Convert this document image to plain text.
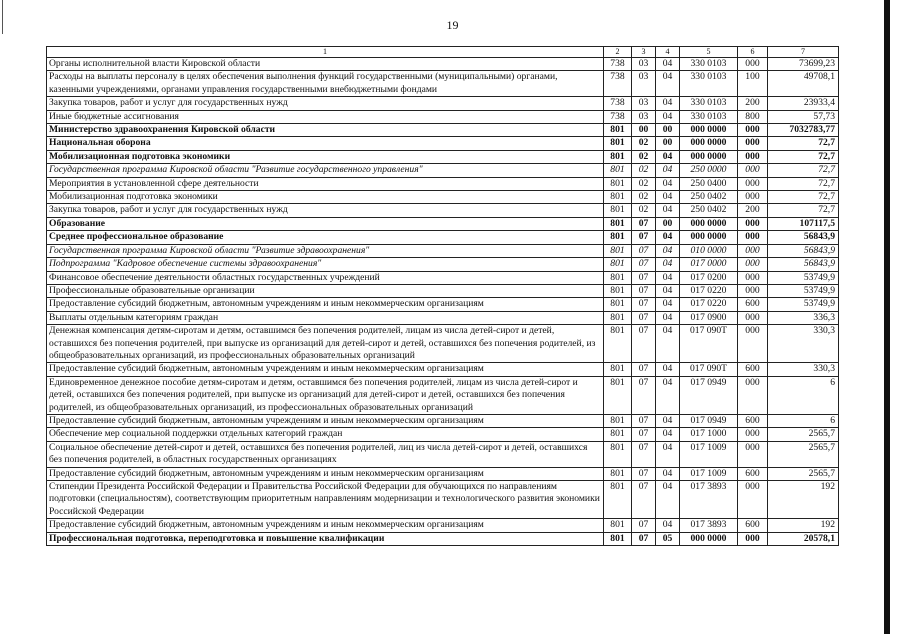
19
1	2	3	4	5	6	7
Органы исполнительной власти Кировской области	738	03	04	330 0103	000	73699,23
Расходы на выплаты персоналу в целях обеспечения выполнения функций государственными (муниципальными) органами, казенными учреждениями, органами управления государственными внебюджетными фондами	738	03	04	330 0103	100	49708,1
Закупка товаров, работ и услуг для государственных нужд	738	03	04	330 0103	200	23933,4
Иные бюджетные ассигнования	738	03	04	330 0103	800	57,73
Министерство здравоохранения Кировской области	801	00	00	000 0000	000	7032783,77
Национальная оборона	801	02	00	000 0000	000	72,7
Мобилизационная подготовка экономики	801	02	04	000 0000	000	72,7
Государственная программа Кировской области "Развитие государственного управления"	801	02	04	250 0000	000	72,7
Мероприятия в установленной сфере деятельности	801	02	04	250 0400	000	72,7
Мобилизационная подготовка экономики	801	02	04	250 0402	000	72,7
Закупка товаров, работ и услуг для государственных нужд	801	02	04	250 0402	200	72,7
Образование	801	07	00	000 0000	000	107117,5
Среднее профессиональное образование	801	07	04	000 0000	000	56843,9
Государственная программа Кировской области "Развитие здравоохранения"	801	07	04	010 0000	000	56843,9
Подпрограмма "Кадровое обеспечение системы здравоохранения"	801	07	04	017 0000	000	56843,9
Финансовое обеспечение деятельности областных государственных учреждений	801	07	04	017 0200	000	53749,9
Профессиональные образовательные организации	801	07	04	017 0220	000	53749,9
Предоставление субсидий бюджетным, автономным учреждениям и иным некоммерческим организациям	801	07	04	017 0220	600	53749,9
Выплаты отдельным категориям граждан	801	07	04	017 0900	000	336,3
Денежная компенсация детям-сиротам и детям, оставшимся без попечения родителей, лицам из числа детей-сирот и детей, оставшихся без попечения родителей, при выпуске из организаций для детей-сирот и детей, оставшихся без попечения родителей, из общеобразовательных организаций, из профессиональных образовательных организаций	801	07	04	017 090Т	000	330,3
Предоставление субсидий бюджетным, автономным учреждениям и иным некоммерческим организациям	801	07	04	017 090Т	600	330,3
Единовременное денежное пособие детям-сиротам и детям, оставшимся без попечения родителей, лицам из числа детей-сирот и детей, оставшихся без попечения родителей, при выпуске из организаций для детей-сирот и детей, оставшихся без попечения родителей, из общеобразовательных организаций, из профессиональных образовательных организаций	801	07	04	017 0949	000	6
Предоставление субсидий бюджетным, автономным учреждениям и иным некоммерческим организациям	801	07	04	017 0949	600	6
Обеспечение мер социальной поддержки отдельных категорий граждан	801	07	04	017 1000	000	2565,7
Социальное обеспечение детей-сирот и детей, оставшихся без попечения родителей, лиц из числа детей-сирот и детей, оставшихся без попечения родителей, в областных государственных организациях	801	07	04	017 1009	000	2565,7
Предоставление субсидий бюджетным, автономным учреждениям и иным некоммерческим организациям	801	07	04	017 1009	600	2565,7
Стипендии Президента Российской Федерации и Правительства Российской Федерации для обучающихся по направлениям подготовки (специальностям), соответствующим приоритетным направлениям модернизации и технологического развития экономики Российской Федерации	801	07	04	017 3893	000	192
Предоставление субсидий бюджетным, автономным учреждениям и иным некоммерческим организациям	801	07	04	017 3893	600	192
Профессиональная подготовка, переподготовка и повышение квалификации	801	07	05	000 0000	000	20578,1
